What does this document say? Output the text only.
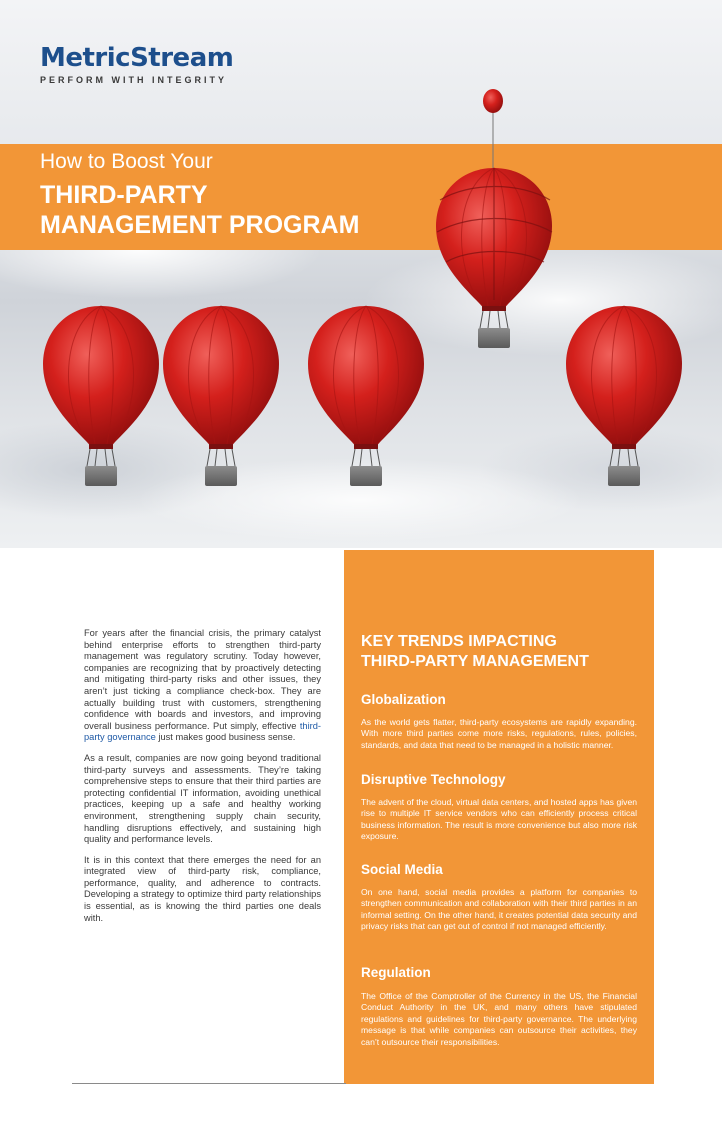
MetricStream
PERFORM WITH INTEGRITY
How to Boost Your
THIRD-PARTY
MANAGEMENT PROGRAM

For years after the financial crisis, the primary catalyst behind enterprise efforts to strengthen third-party management was regulatory scrutiny. Today however, companies are recognizing that by proactively detecting and mitigating third-party risks and other issues, they aren’t just ticking a compliance check-box. They are actually building trust with customers, strengthening confidence with boards and investors, and improving overall business performance. Put simply, effective third-party governance just makes good business sense.

As a result, companies are now going beyond traditional third-party surveys and assessments. They’re taking comprehensive steps to ensure that their third parties are protecting confidential IT information, avoiding unethical practices, keeping up a safe and healthy working environment, strengthening supply chain security, handling disruptions effectively, and sustaining high quality and performance levels.

It is in this context that there emerges the need for an integrated view of third-party risk, compliance, performance, quality, and adherence to contracts. Developing a strategy to optimize third party relationships is essential, as is knowing the third parties one deals with.

KEY TRENDS IMPACTING
THIRD-PARTY MANAGEMENT
Globalization
As the world gets flatter, third-party ecosystems are rapidly expanding. With more third parties come more risks, regulations, rules, policies, standards, and data that need to be managed in a holistic manner.
Disruptive Technology
The advent of the cloud, virtual data centers, and hosted apps has given rise to multiple IT service vendors who can efficiently process critical business information. The result is more convenience but also more risk exposure.
Social Media
On one hand, social media provides a platform for companies to strengthen communication and collaboration with their third parties in an informal setting. On the other hand, it creates potential data security and privacy risks that can get out of control if not managed efficiently.
Regulation
The Office of the Comptroller of the Currency in the US, the Financial Conduct Authority in the UK, and many others have stipulated regulations and guidelines for third-party governance. The underlying message is that while companies can outsource their activities, they can’t outsource their responsibilities.
